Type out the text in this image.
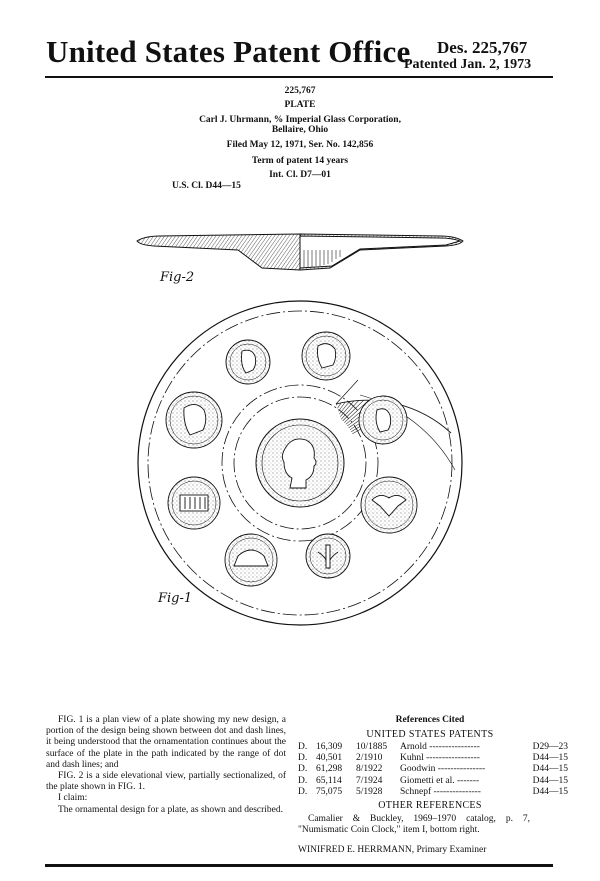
United States Patent Office Des. 225,767
Patented Jan. 2, 1973
225,767
PLATE
Carl J. Uhrmann, % Imperial Glass Corporation,
Bellaire, Ohio
Filed May 12, 1971, Ser. No. 142,856
Term of patent 14 years
Int. Cl. D7—01
U.S. Cl. D44—15
Fig-2
Fig-1

FIG. 1 is a plan view of a plate showing my new design, a portion of the design being shown between dot and dash lines, it being understood that the ornamentation continues about the surface of the plate in the path indicated by the range of dot and dash lines; and

FIG. 2 is a side elevational view, partially sectionalized, of the plate shown in FIG. 1.

I claim:

The ornamental design for a plate, as shown and described.

References Cited
UNITED STATES PATENTS
D.	16,309	10/1885	Arnold ----------------	D29—23
D.	40,501	2/1910	Kuhnl -----------------	D44—15
D.	61,298	8/1922	Goodwin ---------------	D44—15
D.	65,114	7/1924	Giometti et al. -------	D44—15
D.	75,075	5/1928	Schnepf ---------------	D44—15
OTHER REFERENCES
Camalier & Buckley, 1969–1970 catalog, p. 7, "Numismatic Coin Clock," item I, bottom right.
WINIFRED E. HERRMANN, Primary Examiner
